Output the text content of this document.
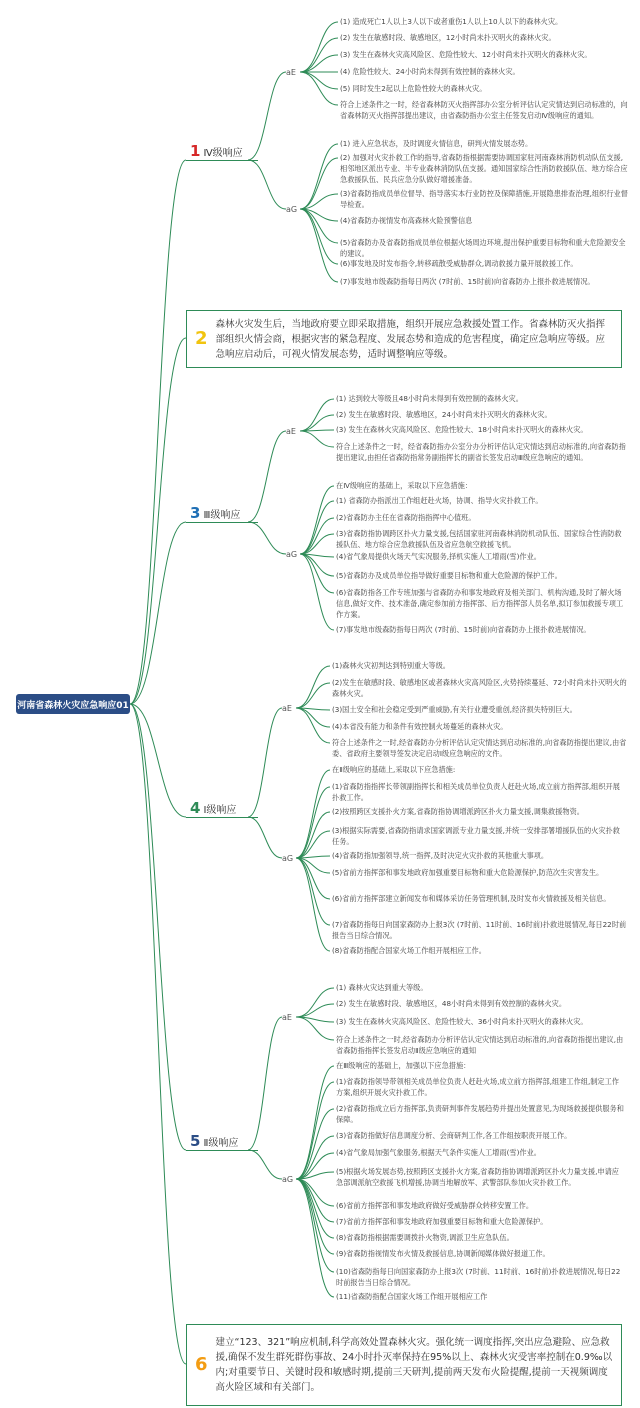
河南省森林火灾应急响应01
1 Ⅳ级响应
3 Ⅲ级响应
4 Ⅰ级响应
5 Ⅱ级响应
2
森林火灾发生后，当地政府要立即采取措施，组织开展应急救援处置工作。省森林防灭火指挥部组织火情会商，根据灾害的紧急程度、发展态势和造成的危害程度，确定应急响应等级。应急响应启动后，可视火情发展态势，适时调整响应等级。
6
建立“123、321”响应机制,科学高效处置森林火灾。强化统一调度指挥,突出应急避险、应急救援,确保不发生群死群伤事故、24小时扑灭率保持在95%以上、森林火灾受害率控制在0.9‰以内;对重要节日、关键时段和敏感时期,提前三天研判,提前两天发布火险提醒,提前一天视频调度高火险区域和有关部门。
aE
aG
aE
aG
aE
aG
aE
aG
(1) 造成死亡1人以上3人以下或者重伤1人以上10人以下的森林火灾。
(2) 发生在敏感时段、敏感地区，12小时尚未扑灭明火的森林火灾。
(3) 发生在森林火灾高风险区、危险性较大、12小时尚未扑灭明火的森林火灾。
(4) 危险性较大、24小时尚未得到有效控制的森林火灾。
(5) 同时发生2起以上危险性较大的森林火灾。
符合上述条件之一时，经省森林防灭火指挥部办公室分析评估认定灾情达到启动标准的，向省森林防灭火指挥部提出建议，由省森防指办公室主任签发启动Ⅳ级响应的通知。
(1) 进入应急状态，及时调度火情信息，研判火情发展态势。
(2) 加强对火灾扑救工作的指导,省森防指根据需要协调国家驻河南森林消防机动队伍支援,相邻地区派出专业、半专业森林消防队伍支援。通知国家综合性消防救援队伍、地方综合应急救援队伍、民兵应急分队做好增援准备。
(3)省森防指成员单位督导、指导落实本行业防控及保障措施,开展隐患排查治理,组织行业督导检查。
(4)省森防办视情发布高森林火险预警信息
(5)省森防办及省森防指成员单位根据火场周边环境,提出保护重要目标物和重大危险源安全的建议。
(6)事发地及时发布指令,转移疏散受威胁群众,调动救援力量开展救援工作。
(7)事发地市级森防指每日两次 (7时前、15时前)向省森防办上报扑救进展情况。
(1) 达到较大等级且48小时尚未得到有效控制的森林火灾。
(2) 发生在敏感时段、敏感地区，24小时尚未扑灭明火的森林火灾。
(3) 发生在森林火灾高风险区、危险性较大、18小时尚未扑灭明火的森林火灾。
符合上述条件之一时，经省森防指办公室分办分析评估认定灾情达到启动标准的,向省森防指提出建议,由担任省森防指常务副指挥长的副省长签发启动Ⅲ级应急响应的通知。
在Ⅳ级响应的基础上，采取以下应急措施：
(1) 省森防办指派出工作组赶赴火场，协调、指导火灾扑救工作。
(2)省森防办主任在省森防指指挥中心值班。
(3)省森防指协调跨区扑火力量支援,包括国家驻河南森林消防机动队伍、国家综合性消防救援队伍、地方综合应急救援队伍及省应急航空救援飞机。
(4)省气象局提供火场天气实况服务,择机实施人工增雨(雪)作业。
(5)省森防办及成员单位指导做好重要目标物和重大危险源的保护工作。
(6)省森防指各工作专班加强与省森防办和事发地政府及相关部门、机构沟通,及时了解火场信息,做好文件、技术准备,确定参加前方指挥部、后方指挥部人员名单,拟订参加救援专项工作方案。
(7)事发地市级森防指每日两次 (7时前、15时前)向省森防办上报扑救进展情况。
(1)森林火灾初判达到特别重大等级。
(2)发生在敏感时段、敏感地区或者森林火灾高风险区,火势持续蔓延、72小时尚未扑灭明火的森林火灾。
(3)国土安全和社会稳定受到严重威胁,有关行业遭受重创,经济损失特别巨大。
(4)本省没有能力和条件有效控制火场蔓延的森林火灾。
符合上述条件之一时,经省森防办分析评估认定灾情达到启动标准的,向省森防指提出建议,由省委、省政府主要领导签发决定启动Ⅰ级应急响应的文件。
在Ⅱ级响应的基础上,采取以下应急措施:
(1)省森防指指挥长带领副指挥长和相关成员单位负责人赶赴火场,成立前方指挥部,组织开展扑救工作。
(2)按照跨区支援扑火方案,省森防指协调增派跨区扑火力量支援,调集救援物资。
(3)根据实际需要,省森防指请求国家调派专业力量支援,并统一安排部署增援队伍的火灾扑救任务。
(4)省森防指加强领导,统一指挥,及时决定火灾扑救的其他重大事项。
(5)省前方指挥部和事发地政府加强重要目标物和重大危险源保护,防范次生灾害发生。
(6)省前方指挥部建立新闻发布和媒体采访任务管理机制,及时发布火情救援及相关信息。
(7)省森防指每日向国家森防办上报3次 (7时前、11时前、16时前)扑救进展情况,每日22时前报告当日综合情况。
(8)省森防指配合国家火场工作组开展相应工作。
(1) 森林火灾达到重大等级。
(2) 发生在敏感时段、敏感地区，48小时尚未得到有效控制的森林火灾。
(3) 发生在森林火灾高风险区、危险性较大、36小时尚未扑灭明火的森林火灾。
符合上述条件之一时,经省森防办分析评估认定灾情达到启动标准的,向省森防指提出建议,由省森防指指挥长签发启动Ⅱ级应急响应的通知
在Ⅲ级响应的基础上，加强以下应急措施：
(1)省森防指领导带领相关成员单位负责人赶赴火场,成立前方指挥部,组建工作组,制定工作方案,组织开展火灾扑救工作。
(2)省森防指成立后方指挥部,负责研判事件发展趋势并提出处置意见,为现场救援提供服务和保障。
(3)省森防指做好信息调度分析、会商研判工作,各工作组按职责开展工作。
(4)省气象局加强气象服务,根据天气条件实施人工增雨(雪)作业。
(5)根据火场发展态势,按照跨区支援扑火方案,省森防指协调增派跨区扑火力量支援,申请应急部调派航空救援飞机增援,协调当地解放军、武警部队参加火灾扑救工作。
(6)省前方指挥部和事发地政府做好受威胁群众转移安置工作。
(7)省前方指挥部和事发地政府加强重要目标物和重大危险源保护。
(8)省森防指根据需要调拨扑火物资,调派卫生应急队伍。
(9)省森防指视情发布火情及救援信息,协调新闻媒体做好报道工作。
(10)省森防指每日向国家森防办上报3次 (7时前、11时前、16时前)扑救进展情况,每日22时前报告当日综合情况。
(11)省森防指配合国家火场工作组开展相应工作
